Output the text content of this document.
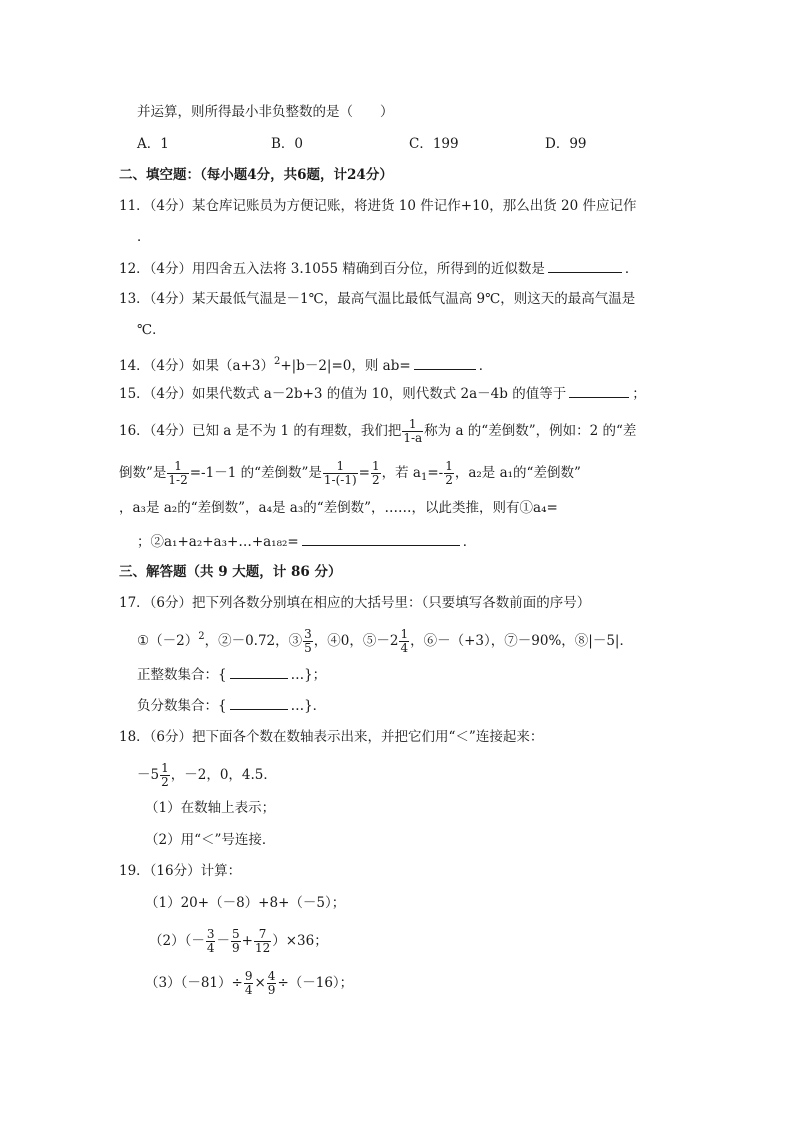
并运算，则所得最小非负整数的是（　　）
A．1	B．0	C．199	D．99
二、填空题：（每小题4分，共6题，计24分）
11．（4分）某仓库记账员为方便记账，将进货 10 件记作+10，那么出货 20 件应记作
．
12．（4分）用四舍五入法将 3.1055 精确到百分位，所得到的近似数是	．
13．（4分）某天最低气温是－1℃，最高气温比最低气温高 9℃，则这天的最高气温是
℃．
14．（4分）如果$(a+3)^2+|b-2|=0$，则 ab=	．
15．（4分）如果代数式 a－2b+3 的值为 10，则代数式 2a－4b 的值等于	；
16．（4分）已知 a 是不为 1 的有理数，我们把 $\frac{1}{1-a}$ 称为 a 的“差倒数”，例如：2 的“差
倒数”是 $\frac{1}{1-2} =-1-1$ 的“差倒数”是 $\frac{1}{1-(-1)} = \frac{1}{2}$ ，若 $a_1=- \frac{1}{2}$ ，a₂是 a₁的“差倒数”
，a₃是 a₂的“差倒数”，a₄是 a₃的“差倒数”，……，以此类推，则有①a₄=
；②a₁+a₂+a₃+…+a₁₈₂=	．
三、解答题（共 9 大题，计 86 分）
17．（6分）把下列各数分别填在相应的大括号里：（只要填写各数前面的序号）
$①(-2)^2$，②－0.72，③ $\frac{3}{5}$ ，④0，⑤－2 $\frac{1}{4}$ ，⑥－（+3），⑦－90%，⑧|－5|．
正整数集合：{	…}；
负分数集合：{	…}．
18．（6分）把下面各个数在数轴表示出来，并把它们用“＜”连接起来：
$-5 \frac{1}{2}$ ，－2，0，4.5．
（1）在数轴上表示；
（2）用“＜”号连接．
19．（16分）计算：
（1）20+（－8）+8+（－5）；
$(2)(- \frac{3}{4} - \frac{5}{9} + \frac{7}{12} )\times 36$；
$(3)(-81)\div \frac{9}{4} \times \frac{4}{9} \div(-16)$；
